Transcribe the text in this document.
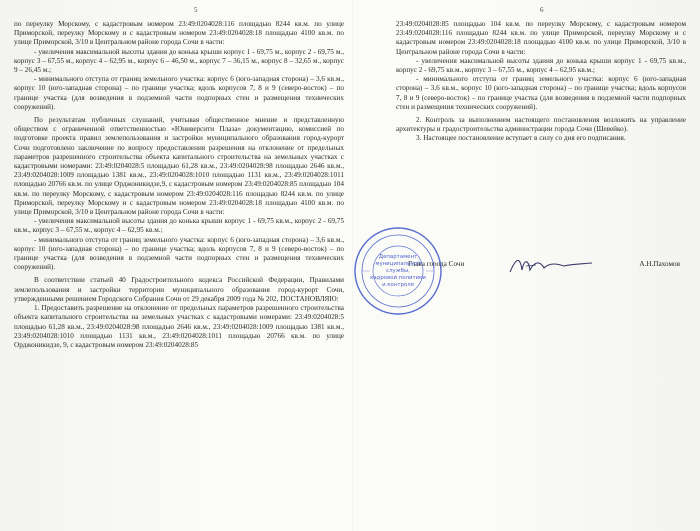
5	6

по переулку Морскому, с кадастровым номером 23:49:0204028:116 площадью 8244 кв.м. по улице Приморской, переулку Морскому и с кадастровым номером 23:49:0204028:18 площадью 4100 кв.м. по улице Приморской, 3/10 в Центральном районе города Сочи в части:

- увеличения максимальной высоты здания до конька крыши корпус 1 - 69,75 м., корпус 2 - 69,75 м., корпус 3 – 67,55 м., корпус 4 – 62,95 м., корпус 6 – 46,50 м., корпус 7 – 36,15 м., корпус 8 – 32,65 м., корпус 9 – 26,45 м.;

- минимального отступа от границ земельного участка: корпус 6 (юго-западная сторона) – 3,6 кв.м., корпус 10 (юго-западная сторона) – по границе участка; вдоль корпусов 7, 8 и 9 (северо-восток) – по границе участка (для возведения в подземной части подпорных стен и размещения технических сооружений).

По результатам публичных слушаний, учитывая общественное мнение и представленную обществом с ограниченной ответственностью «Юниверсити Плаза» документацию, комиссией по подготовке проекта правил землепользования и застройки муниципального образования город-курорт Сочи подготовлено заключение по вопросу предоставления разрешения на отклонение от предельных параметров разрешенного строительства объекта капитального строительства на земельных участках с кадастровыми номерами: 23:49:0204028:5 площадью 61,28 кв.м., 23:49:0204028:98 площадью 2646 кв.м., 23:49:0204028:1009 площадью 1381 кв.м., 23:49:0204028:1010 площадью 1131 кв.м., 23:49:0204028:1011 площадью 20766 кв.м. по улице Орджоникидзе,9, с кадастровым номером 23:49:0204028:85 площадью 104 кв.м. по переулку Морскому, с кадастровым номером 23:49:0204028:116 площадью 8244 кв.м. по улице Приморской, переулку Морскому и с кадастровым номером 23:49:0204028:18 площадью 4100 кв.м. по улице Приморской, 3/10 в Центральном районе города Сочи в части:

- увеличения максимальной высоты здания до конька крыши корпус 1 - 69,75 кв.м., корпус 2 - 69,75 кв.м., корпус 3 – 67,55 м., корпус 4 – 62,95 кв.м.;

- минимального отступа от границ земельного участка: корпус 6 (юго-западная сторона) – 3,6 кв.м., корпус 10 (юго-западная сторона) – по границе участка; вдоль корпусов 7, 8 и 9 (северо-восток) – по границе участка (для возведения в подземной части подпорных стен и размещения технических сооружений).

В соответствии статьей 40 Градостроительного кодекса Российской Федерации, Правилами землепользования и застройки территории муниципального образования город-курорт Сочи, утвержденными решением Городского Собрания Сочи от 29 декабря 2009 года № 202, ПОСТАНОВЛЯЮ:

1. Предоставить разрешение на отклонение от предельных параметров разрешенного строительства объекта капитального строительства на земельных участках с кадастровыми номерами: 23:49:0204028:5 площадью 61,28 кв.м., 23:49:0204028:98 площадью 2646 кв.м., 23:49:0204028:1009 площадью 1381 кв.м., 23:49:0204028:1010 площадью 1131 кв.м., 23:49:0204028:1011 площадью 20766 кв.м. по улице Орджоникидзе, 9, с кадастровым номером 23:49:0204028:85

23:49:0204028:85 площадью 104 кв.м. по переулку Морскому, с кадастровым номером 23:49:0204028:116 площадью 8244 кв.м. по улице Приморской, переулку Морскому и с кадастровым номером 23:49:0204028:18 площадью 4100 кв.м. по улице Приморской, 3/10 в Центральном районе города Сочи в части:

- увеличения максимальной высоты здания до конька крыши корпус 1 - 69,75 кв.м., корпус 2 - 69,75 кв.м., корпус 3 – 67,55 м., корпус 4 – 62,95 кв.м.;

- минимального отступа от границ земельного участка: корпус 6 (юго-западная сторона) – 3,6 кв.м., корпус 10 (юго-западная сторона) – по границе участка; вдоль корпусов 7, 8 и 9 (северо-восток) – по границе участка (для возведения в подземной части подпорных стен и размещения технических сооружений).

2. Контроль за выполнением настоящего постановления возложить на управление архитектуры и градостроительства администрации города Сочи (Шевейко).

3. Настоящее постановление вступает в силу со дня его подписания.

Глава города Сочи	А.Н.Пахомов
Департамент
муниципальной
службы,
кадровой политики
и контроля
